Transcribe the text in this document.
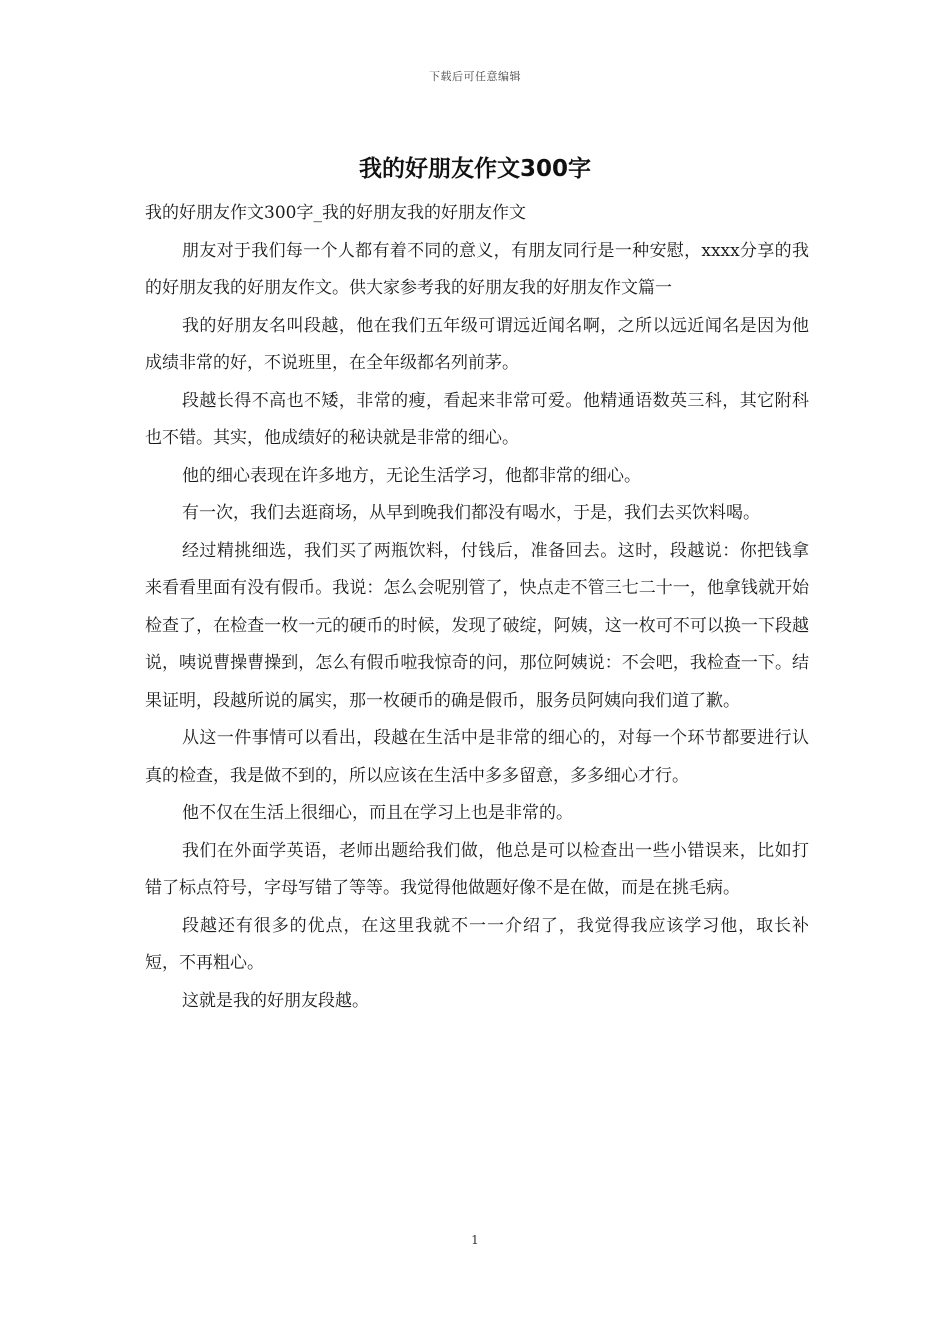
下载后可任意编辑
我的好朋友作文300字

我的好朋友作文300字_我的好朋友我的好朋友作文

朋友对于我们每一个人都有着不同的意义，有朋友同行是一种安慰，xxxx分享的我的好朋友我的好朋友作文。供大家参考我的好朋友我的好朋友作文篇一

我的好朋友名叫段越，他在我们五年级可谓远近闻名啊，之所以远近闻名是因为他成绩非常的好，不说班里，在全年级都名列前茅。

段越长得不高也不矮，非常的瘦，看起来非常可爱。他精通语数英三科，其它附科也不错。其实，他成绩好的秘诀就是非常的细心。

他的细心表现在许多地方，无论生活学习，他都非常的细心。

有一次，我们去逛商场，从早到晚我们都没有喝水，于是，我们去买饮料喝。

经过精挑细选，我们买了两瓶饮料，付钱后，准备回去。这时，段越说：你把钱拿来看看里面有没有假币。我说：怎么会呢别管了，快点走不管三七二十一，他拿钱就开始检查了，在检查一枚一元的硬币的时候，发现了破绽，阿姨，这一枚可不可以换一下段越说，咦说曹操曹操到，怎么有假币啦我惊奇的问，那位阿姨说：不会吧，我检查一下。结果证明，段越所说的属实，那一枚硬币的确是假币，服务员阿姨向我们道了歉。

从这一件事情可以看出，段越在生活中是非常的细心的，对每一个环节都要进行认真的检查，我是做不到的，所以应该在生活中多多留意，多多细心才行。

他不仅在生活上很细心，而且在学习上也是非常的。

我们在外面学英语，老师出题给我们做，他总是可以检查出一些小错误来，比如打错了标点符号，字母写错了等等。我觉得他做题好像不是在做，而是在挑毛病。

段越还有很多的优点，在这里我就不一一介绍了，我觉得我应该学习他，取长补短，不再粗心。

这就是我的好朋友段越。

1
